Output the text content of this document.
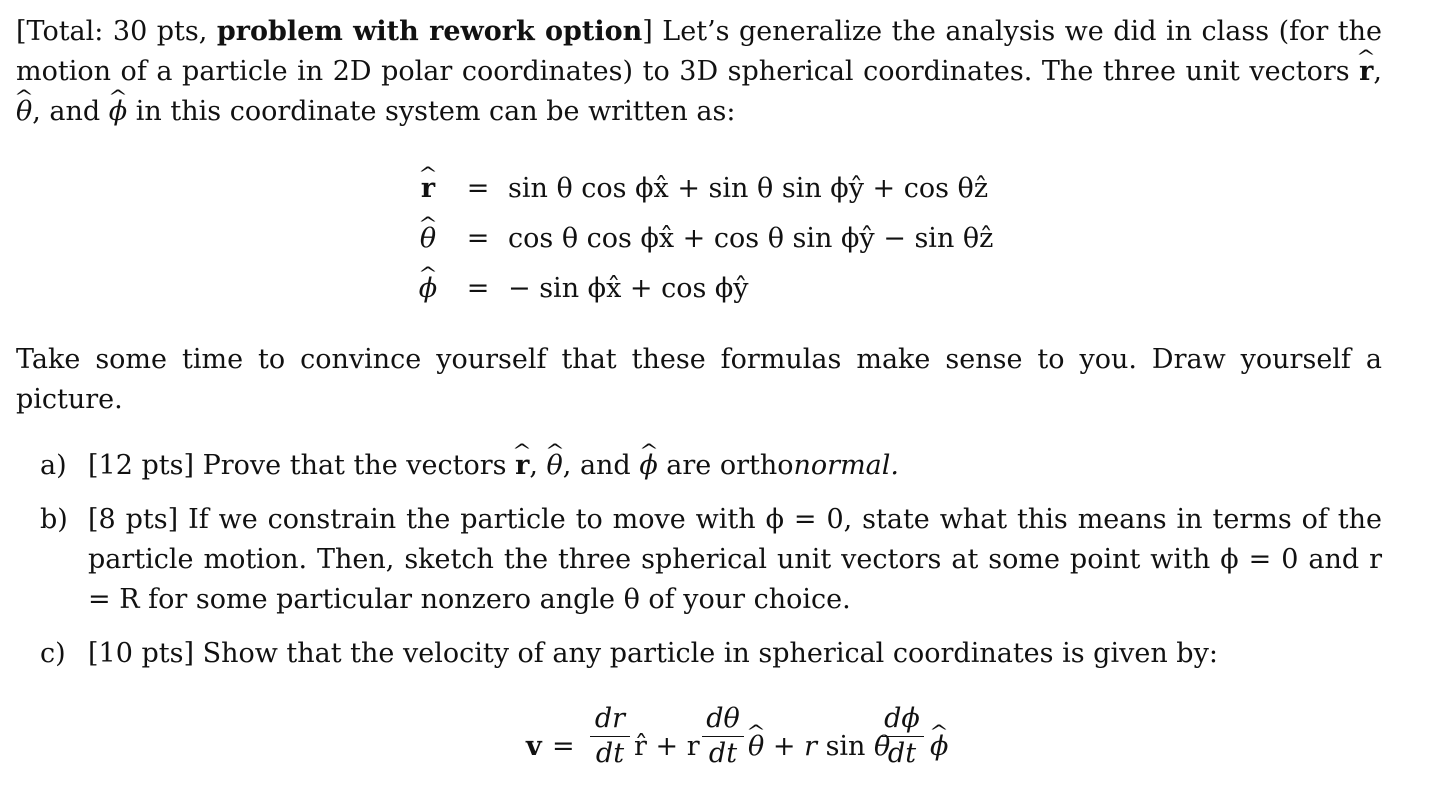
[Total: 30 pts, problem with rework option] Let’s generalize the analysis we did in class (for the motion of a particle in 2D polar coordinates) to 3D spherical coordinates. The three unit vectors ^ r, ^ θ, and ^ ϕ in this coordinate system can be written as:
^ r	= sin θ cos ϕx̂ + sin θ sin ϕŷ + cos θẑ
^ θ	= cos θ cos ϕx̂ + cos θ sin ϕŷ − sin θẑ
^ ϕ	= − sin ϕx̂ + cos ϕŷ
Take some time to convince yourself that these formulas make sense to you. Draw yourself a picture.
a) [12 pts] Prove that the vectors ^ r, ^ θ, and ^ ϕ are orthonormal.
b) [8 pts] If we constrain the particle to move with ϕ = 0, state what this means in terms of the particle motion. Then, sketch the three spherical unit vectors at some point with ϕ = 0 and r = R for some particular nonzero angle θ of your choice.
c) [10 pts] Show that the velocity of any particle in spherical coordinates is given by:
v =
dr
dt r̂ + r
dθ
dt ^ θ + r sin θ
dϕ
dt ^ ϕ
